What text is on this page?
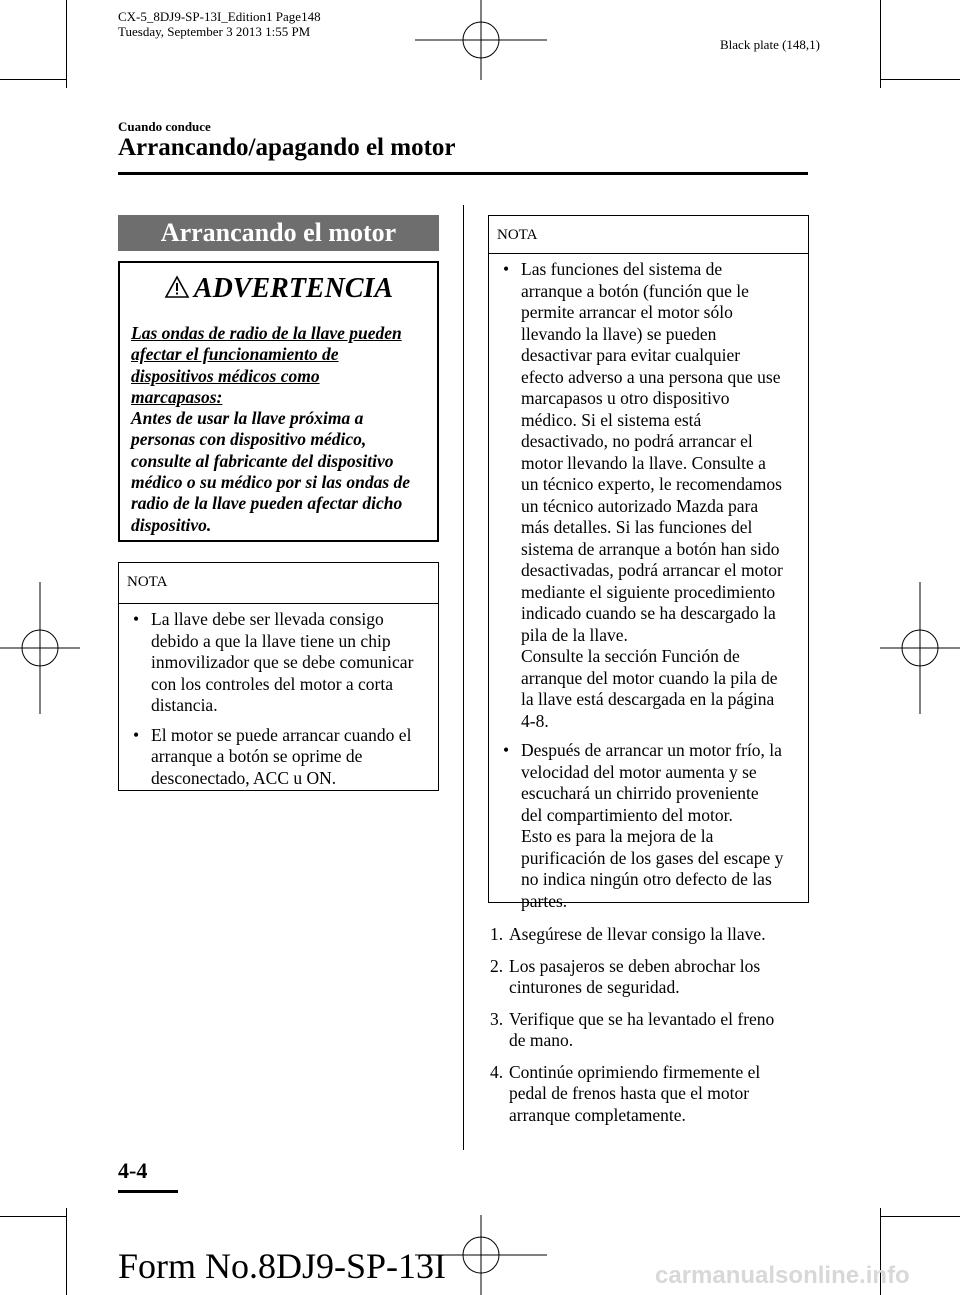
CX-5_8DJ9-SP-13I_Edition1 Page148
Tuesday, September 3 2013 1:55 PM
Black plate (148,1)
Cuando conduce
Arrancando/apagando el motor
Arrancando el motor
ADVERTENCIA
Las ondas de radio de la llave pueden
afectar el funcionamiento de
dispositivos médicos como
marcapasos:
Antes de usar la llave próxima a
personas con dispositivo médico,
consulte al fabricante del dispositivo
médico o su médico por si las ondas de
radio de la llave pueden afectar dicho
dispositivo.
NOTA
• La llave debe ser llevada consigo
debido a que la llave tiene un chip
inmovilizador que se debe comunicar
con los controles del motor a corta
distancia.
• El motor se puede arrancar cuando el
arranque a botón se oprime de
desconectado, ACC u ON.
NOTA
• Las funciones del sistema de
arranque a botón (función que le
permite arrancar el motor sólo
llevando la llave) se pueden
desactivar para evitar cualquier
efecto adverso a una persona que use
marcapasos u otro dispositivo
médico. Si el sistema está
desactivado, no podrá arrancar el
motor llevando la llave. Consulte a
un técnico experto, le recomendamos
un técnico autorizado Mazda para
más detalles. Si las funciones del
sistema de arranque a botón han sido
desactivadas, podrá arrancar el motor
mediante el siguiente procedimiento
indicado cuando se ha descargado la
pila de la llave.
Consulte la sección Función de
arranque del motor cuando la pila de
la llave está descargada en la página
4-8.
• Después de arrancar un motor frío, la
velocidad del motor aumenta y se
escuchará un chirrido proveniente
del compartimiento del motor.
Esto es para la mejora de la
purificación de los gases del escape y
no indica ningún otro defecto de las
partes.
1. Asegúrese de llevar consigo la llave.
2. Los pasajeros se deben abrochar los
cinturones de seguridad.
3. Verifique que se ha levantado el freno
de mano.
4. Continúe oprimiendo firmemente el
pedal de frenos hasta que el motor
arranque completamente.
4-4
Form No.8DJ9-SP-13I	carmanualsonline.info
